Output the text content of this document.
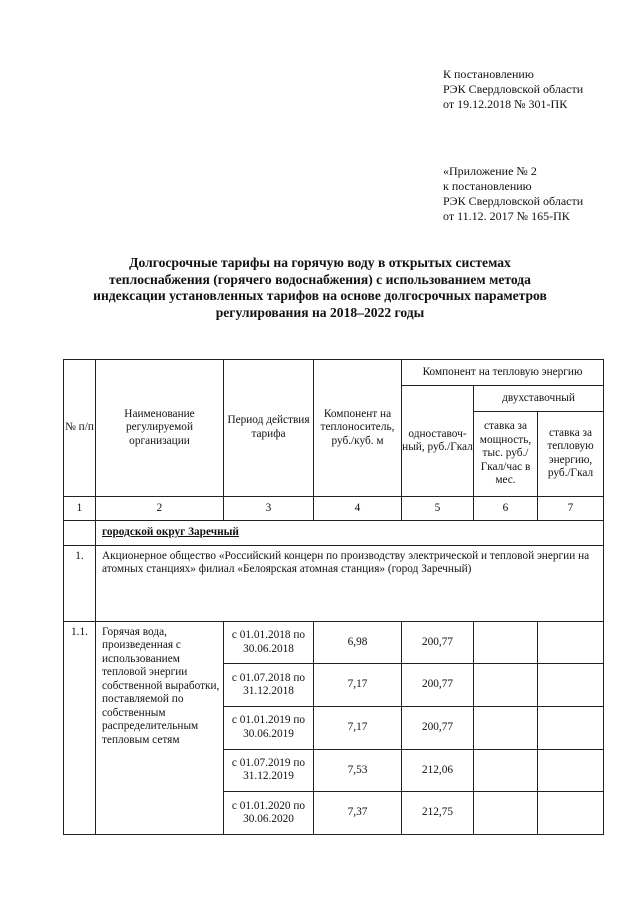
К постановлению
РЭК Свердловской области
от 19.12.2018 № 301-ПК
«Приложение № 2
к постановлению
РЭК Свердловской области
от 11.12. 2017 № 165-ПК
Долгосрочные тарифы на горячую воду в открытых системах
теплоснабжения (горячего водоснабжения) с использованием метода
индексации установленных тарифов на основе долгосрочных параметров
регулирования на 2018–2022 годы
№ п/п	Наименование регулируемой организации	Период действия тарифа	Компонент на теплоноситель, руб./куб. м	Компонент на тепловую энергию		
				одноставоч-ный, руб./Гкал	двухставочный	
					ставка за мощность, тыс. руб./Гкал/час в мес.	ставка за тепловую энергию, руб./Гкал
1	2	3	4	5	6	7
	городской округ Заречный					
1.	Акционерное общество «Российский концерн по производству электрической и тепловой энергии на атомных станциях» филиал «Белоярская атомная станция» (город Заречный)					
1.1.	Горячая вода, произведенная с использованием тепловой энергии собственной выработки, поставляемой по собственным распределительным тепловым сетям	с 01.01.2018 по 30.06.2018	6,98	200,77		
		с 01.07.2018 по 31.12.2018	7,17	200,77		
		с 01.01.2019 по 30.06.2019	7,17	200,77		
		с 01.07.2019 по 31.12.2019	7,53	212,06		
		с 01.01.2020 по 30.06.2020	7,37	212,75		
